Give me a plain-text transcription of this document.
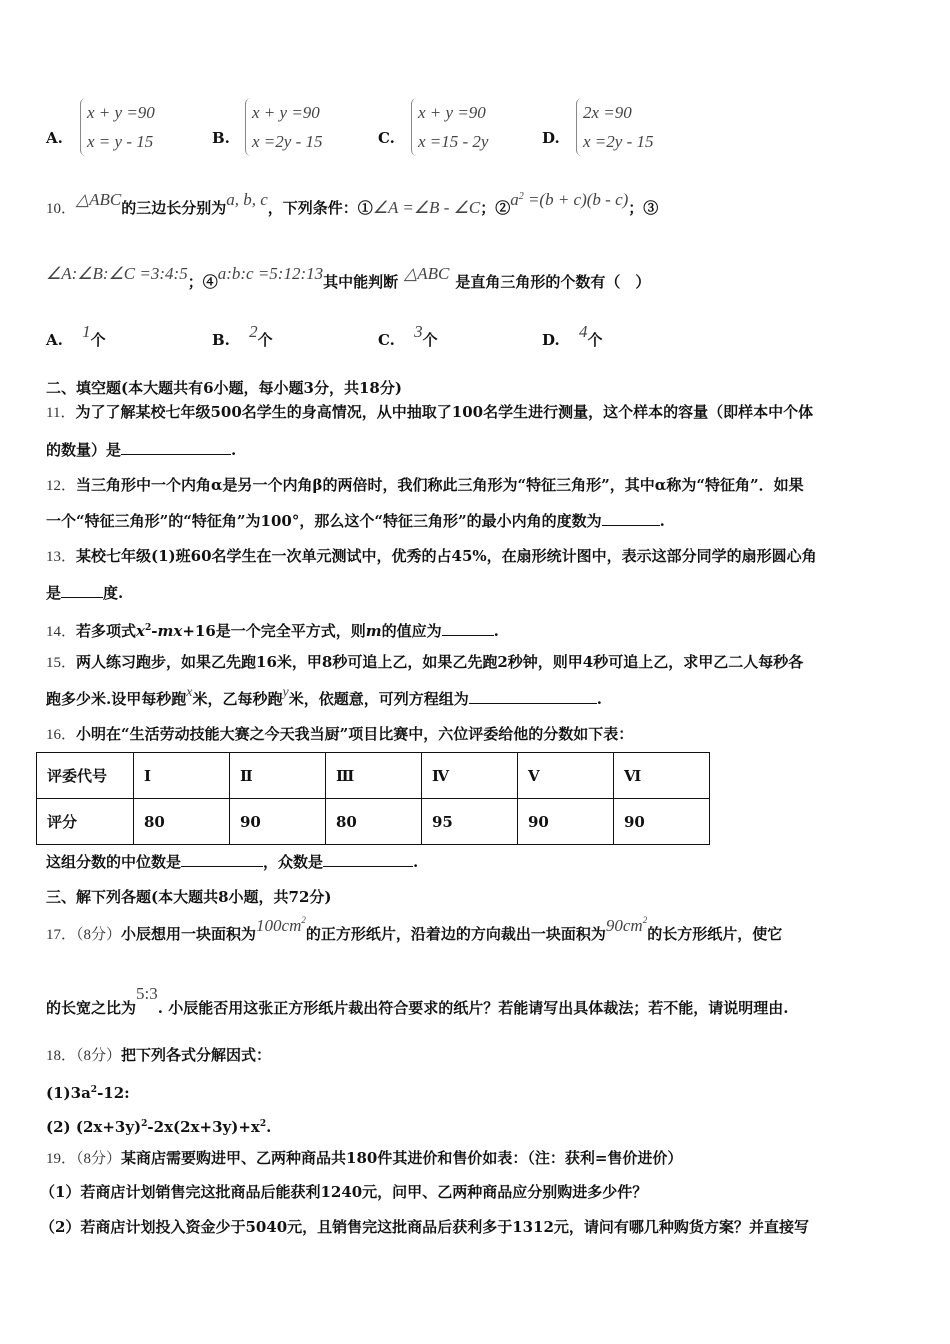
A.
x + y =90
x = y - 15	B.
x + y =90
x =2y - 15	C.
x + y =90
x =15 - 2y	D.
2x =90
x =2y - 15
10．△ABC的三边长分别为a, b, c，下列条件：①∠A =∠B - ∠C；$②a^2 =(b + c)(b - c)$；③
∠A:∠B:∠C =3:4:5；④a:b:c =5:12:13其中能判断 △ABC 是直角三角形的个数有（　）
A. 1个	B. 2个	C. 3个	D. 4个
二、填空题(本大题共有6小题，每小题3分，共18分)
11．为了了解某校七年级500名学生的身高情况，从中抽取了100名学生进行测量，这个样本的容量（即样本中个体
的数量）是	.
12．当三角形中一个内角α是另一个内角β的两倍时，我们称此三角形为“特征三角形”，其中α称为“特征角”．如果
一个“特征三角形”的“特征角”为100°，那么这个“特征三角形”的最小内角的度数为	.
13．某校七年级(1)班60名学生在一次单元测试中，优秀的占45%，在扇形统计图中，表示这部分同学的扇形圆心角
是	度.
14．若多项式$x^2-mx+16$是一个完全平方式，则m的值应为	.
15．两人练习跑步，如果乙先跑16米，甲8秒可追上乙，如果乙先跑2秒钟，则甲4秒可追上乙，求甲乙二人每秒各
跑多少米.设甲每秒跑x米，乙每秒跑y米，依题意，可列方程组为	.
16．小明在“生活劳动技能大赛之今天我当厨”项目比赛中，六位评委给他的分数如下表：
评委代号	Ⅰ	Ⅱ	Ⅲ	Ⅳ	Ⅴ	Ⅵ
评分	80	90	80	95	90	90
这组分数的中位数是	，众数是	.
三、解下列各题(本大题共8小题，共72分)
17．（8分）小辰想用一块面积为$100cm^2$的正方形纸片，沿着边的方向裁出一块面积为$90cm^2$的长方形纸片，使它
的长宽之比为5:3. 小辰能否用这张正方形纸片裁出符合要求的纸片？若能请写出具体裁法；若不能，请说明理由.
18．（8分）把下列各式分解因式：
$(1)3a^2-12$:
(2) $(2x+3y)^2-2x(2x+3y)+x^2$.
19．（8分）某商店需要购进甲、乙两种商品共180件其进价和售价如表：（注：获利=售价进价）
（1）若商店计划销售完这批商品后能获利1240元，问甲、乙两种商品应分别购进多少件？
（2）若商店计划投入资金少于5040元，且销售完这批商品后获利多于1312元，请问有哪几种购货方案？并直接写
